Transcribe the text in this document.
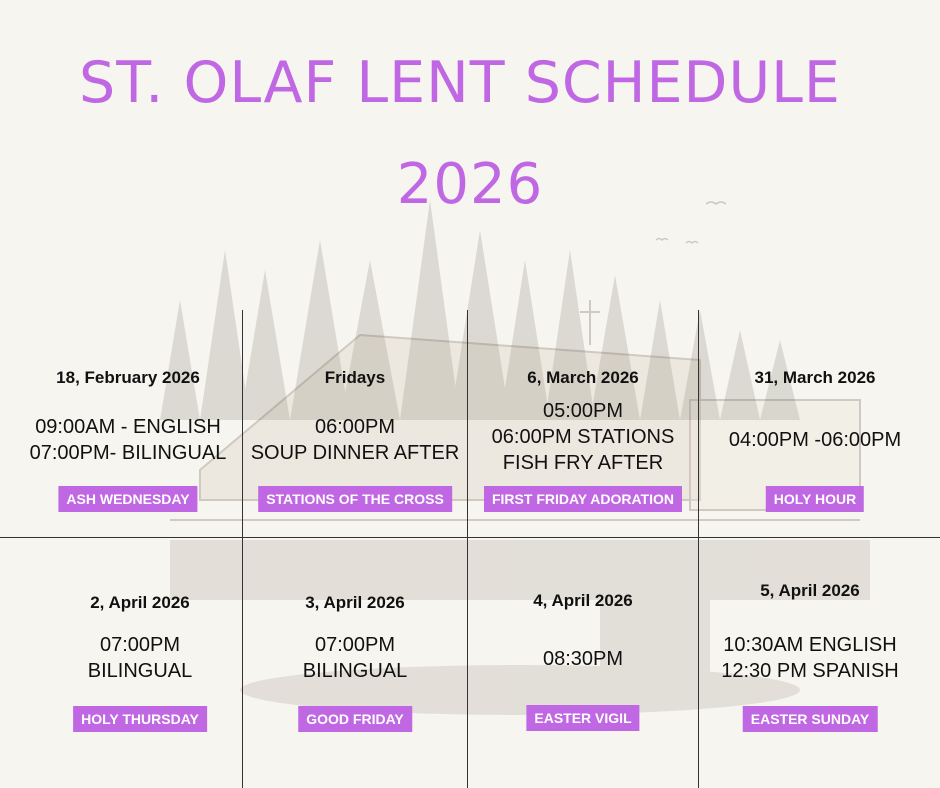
ST. OLAF LENT SCHEDULE
2026
18, February 2026
09:00AM - ENGLISH
07:00PM- BILINGUAL
ASH WEDNESDAY
Fridays
06:00PM
SOUP DINNER AFTER
STATIONS OF THE CROSS
6, March 2026
05:00PM
06:00PM STATIONS
FISH FRY AFTER
FIRST FRIDAY ADORATION
31, March 2026
04:00PM -06:00PM
HOLY HOUR
2, April 2026
07:00PM
BILINGUAL
HOLY THURSDAY
3, April 2026
07:00PM
BILINGUAL
GOOD FRIDAY
4, April 2026
08:30PM
EASTER VIGIL
5, April 2026
10:30AM ENGLISH
12:30 PM SPANISH
EASTER SUNDAY
